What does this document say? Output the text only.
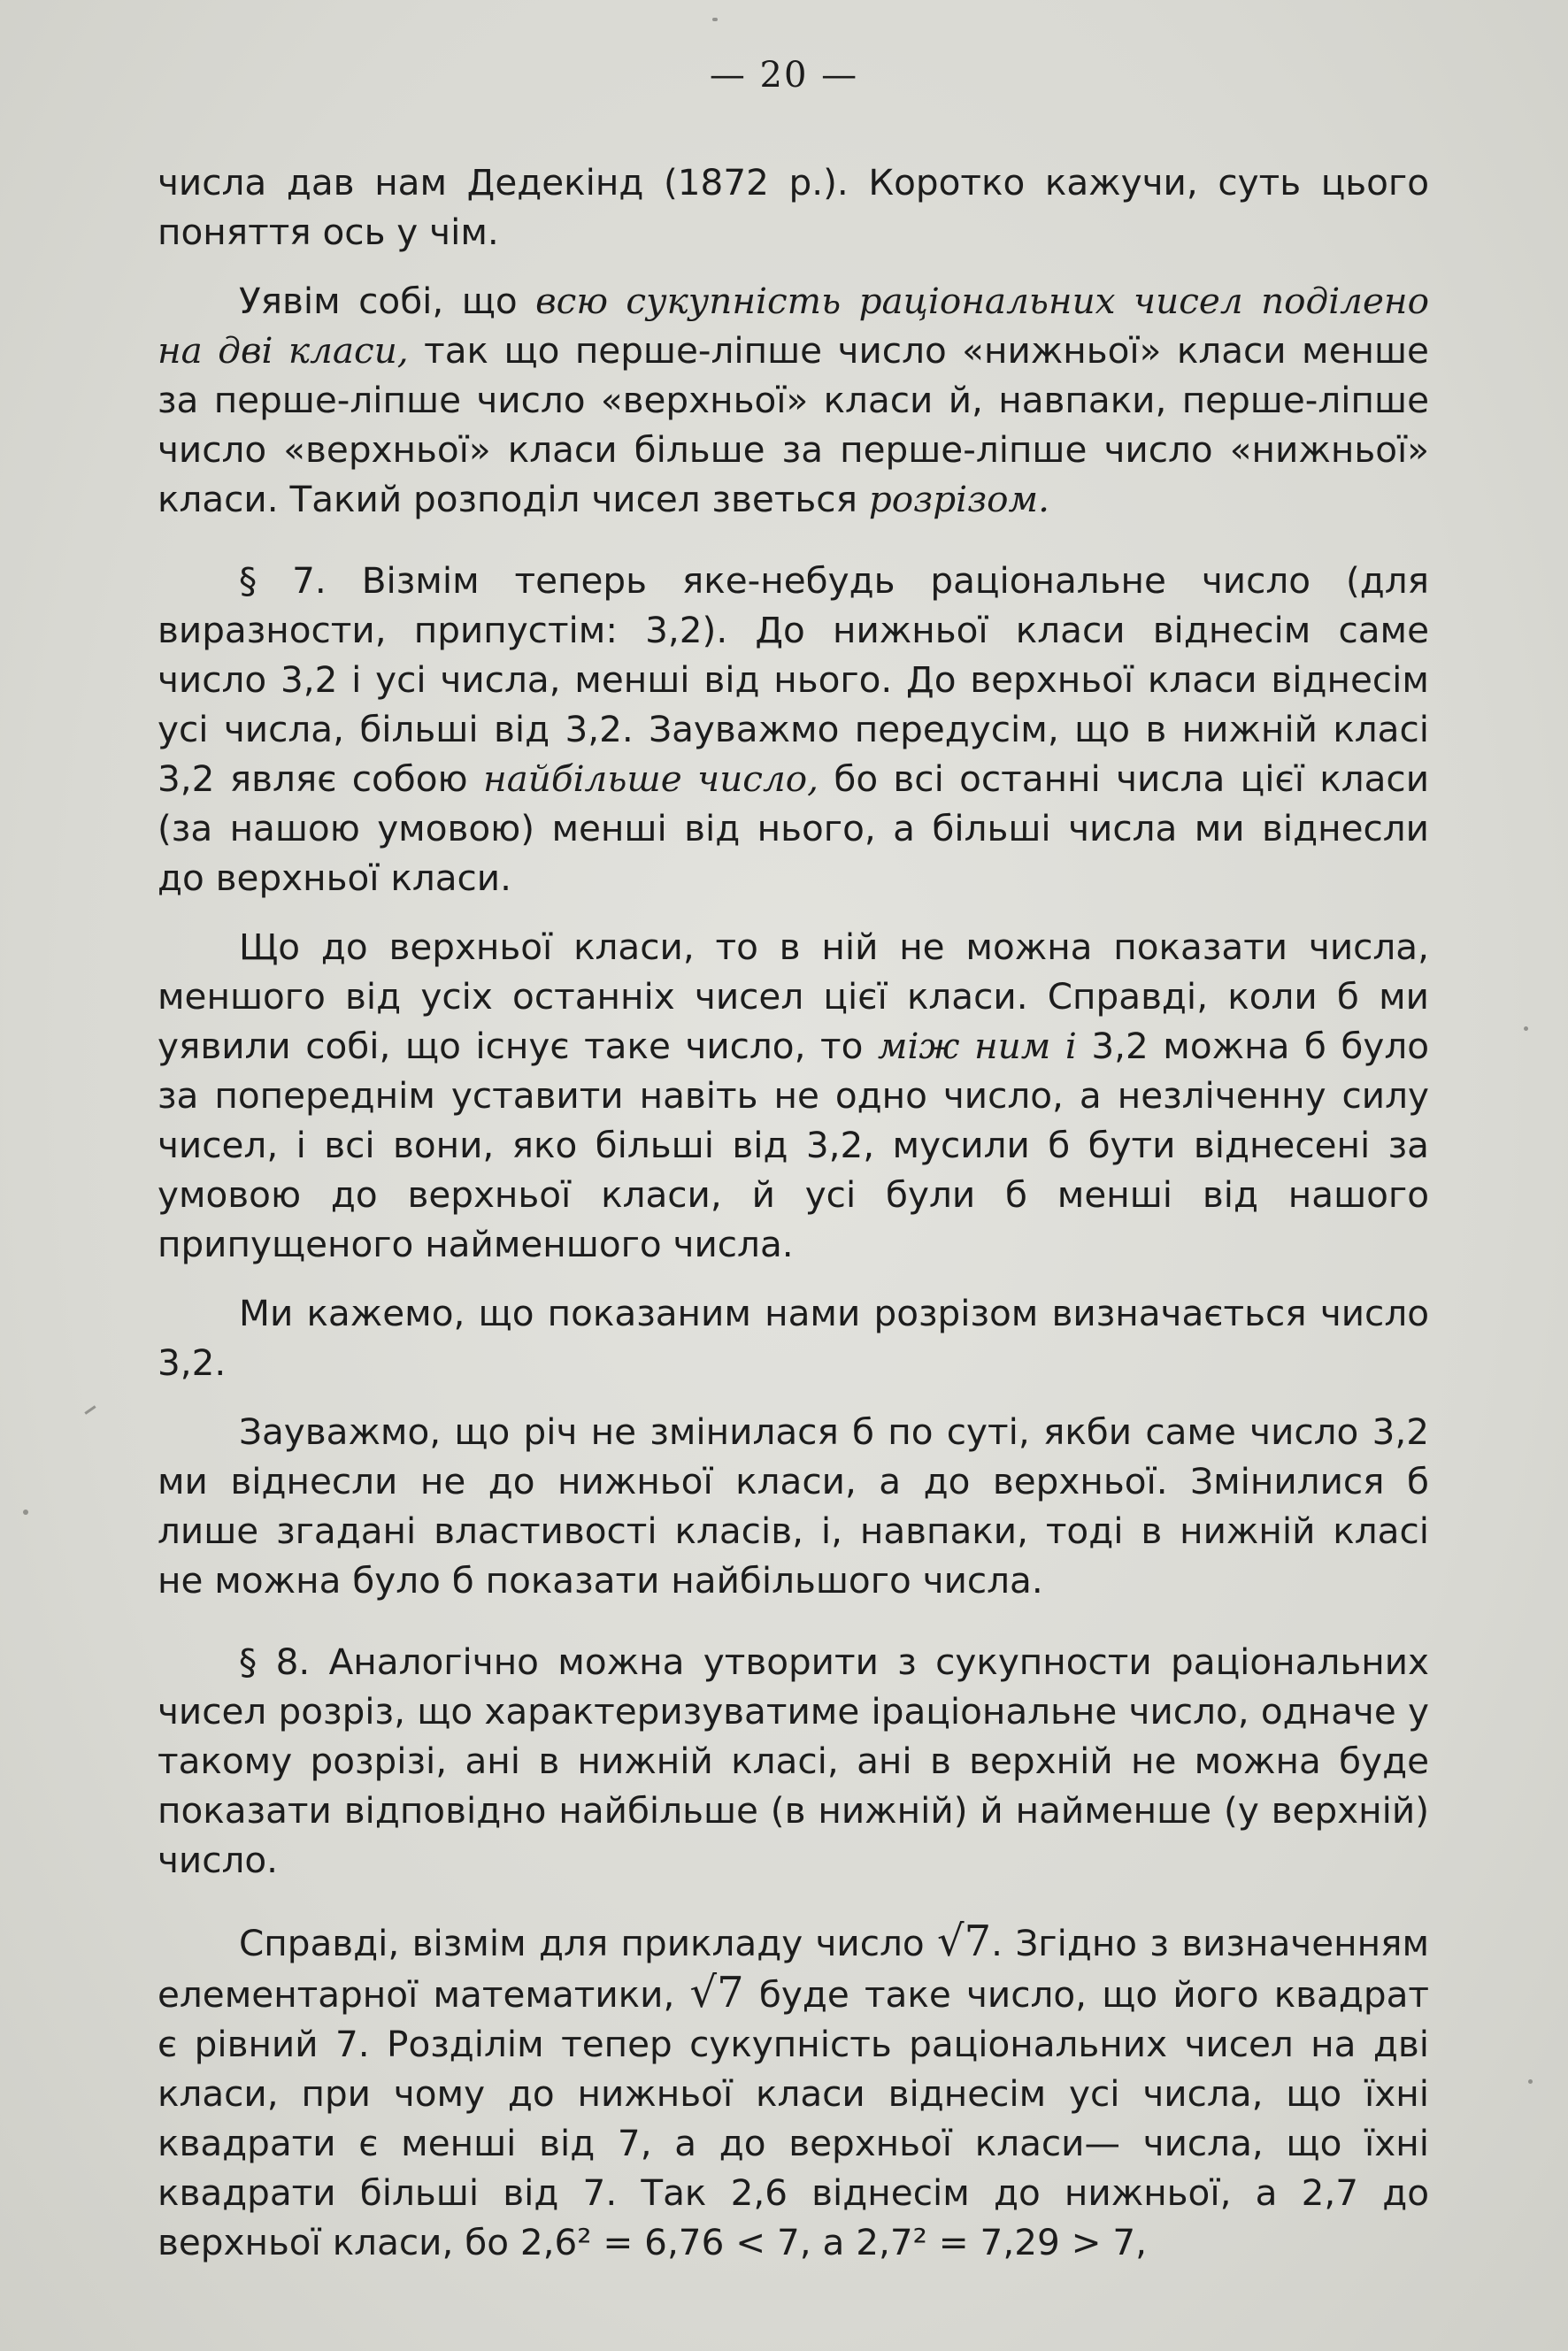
— 20 —

числа дав нам Дедекінд (1872 р.). Коротко кажучи, суть цього поняття ось у чім.

Уявім собі, що всю сукупність раціональних чисел поділено на дві класи, так що перше-ліпше число «нижньої» класи менше за перше-ліпше число «верхньої» класи й, навпаки, перше-ліпше число «верхньої» класи більше за перше-ліпше число «нижньої» класи. Такий розподіл чисел зветься розрізом.

§ 7. Візмім теперь яке-небудь раціональне число (для виразности, припустім: 3,2). До нижньої класи віднесім саме число 3,2 і усі числа, менші від нього. До верхньої класи віднесім усі числа, більші від 3,2. Зауважмо передусім, що в нижній класі 3,2 являє собою найбільше число, бо всі останні числа цієї класи (за нашою умовою) менші від нього, а більші числа ми віднесли до верхньої класи.

Що до верхньої класи, то в ній не можна показати числа, меншого від усіх останніх чисел цієї класи. Справді, коли б ми уявили собі, що існує таке число, то між ним і 3,2 можна б було за попереднім уставити навіть не одно число, а незліченну силу чисел, і всі вони, яко більші від 3,2, мусили б бути віднесені за умовою до верхньої класи, й усі були б менші від нашого припущеного найменшого числа.

Ми кажемо, що показаним нами розрізом визначається число 3,2.

Зауважмо, що річ не змінилася б по суті, якби саме число 3,2 ми віднесли не до нижньої класи, а до верхньої. Змінилися б лише згадані властивості класів, і, навпаки, тоді в нижній класі не можна було б показати найбільшого числа.

§ 8. Аналогічно можна утворити з сукупности раціональних чисел розріз, що характеризуватиме іраціональне число, одначе у такому розрізі, ані в нижній класі, ані в верхній не можна буде показати відповідно найбільше (в нижній) й найменше (у верхній) число.

Справді, візмім для прикладу число √7. Згідно з визначенням елементарної математики, √7 буде таке число, що його квадрат є рівний 7. Розділім тепер сукупність раціональних чисел на дві класи, при чому до нижньої класи віднесім усі числа, що їхні квадрати є менші від 7, а до верхньої класи— числа, що їхні квадрати більші від 7. Так 2,6 віднесім до нижньої, а 2,7 до верхньої класи, бо 2,6² = 6,76 < 7, а 2,7² = 7,29 > 7,
